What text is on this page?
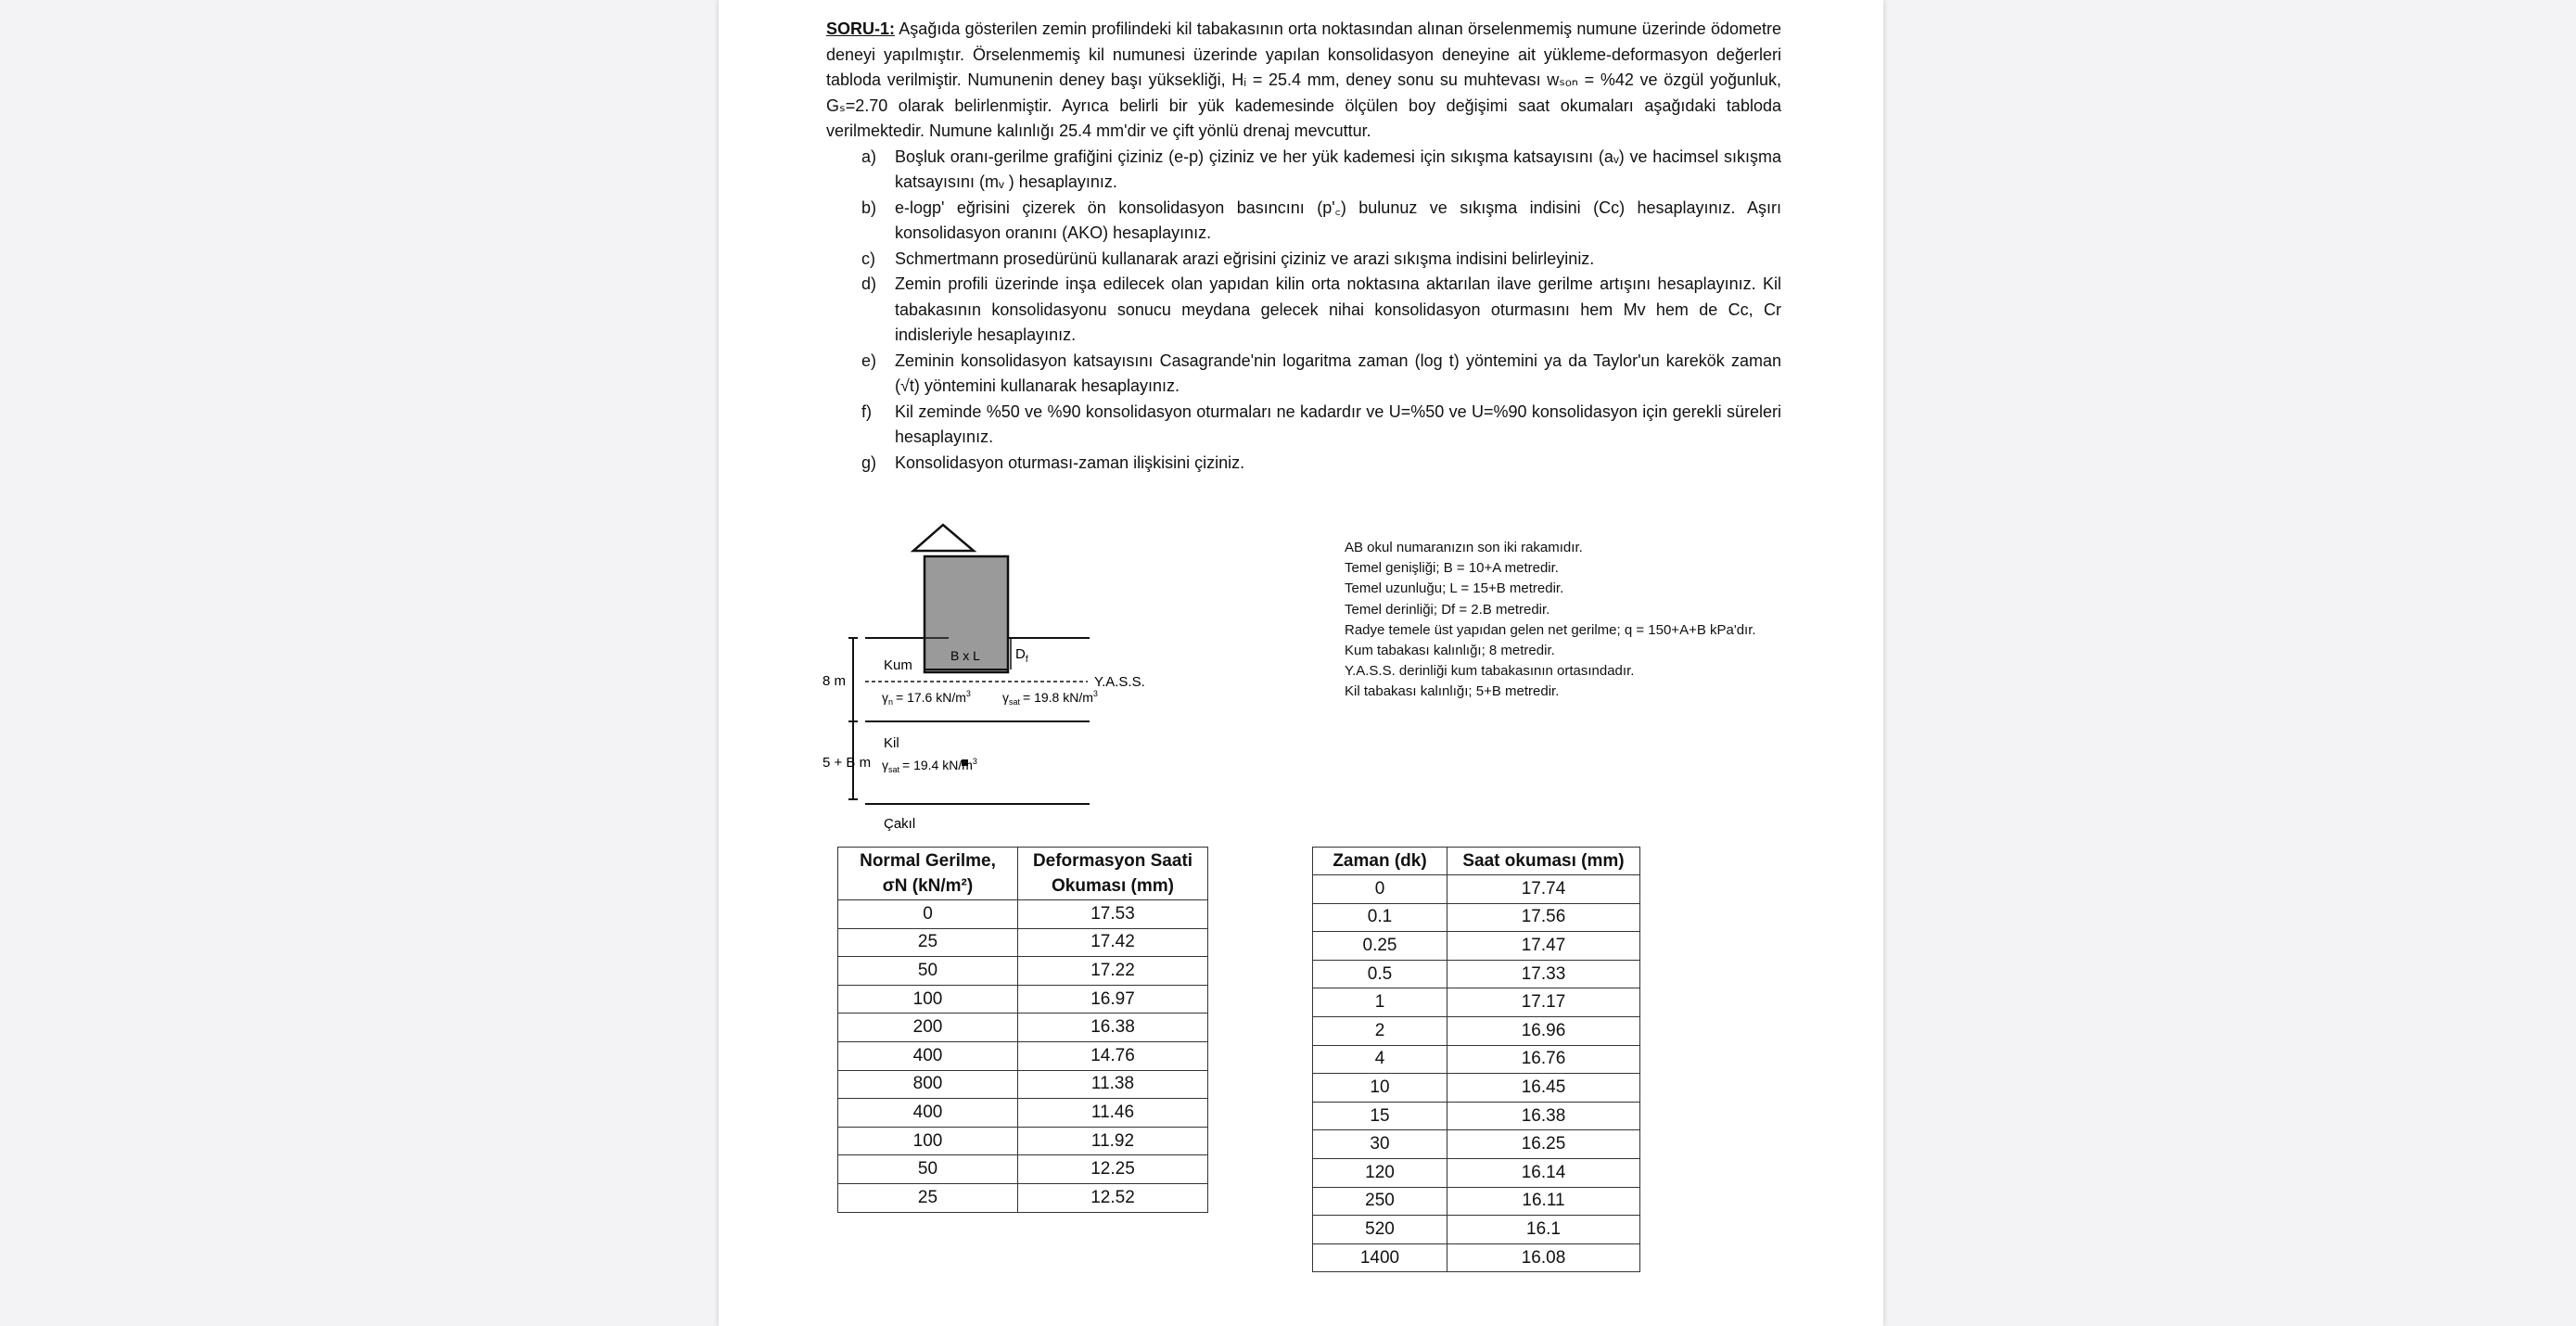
SORU-1: Aşağıda gösterilen zemin profilindeki kil tabakasının orta noktasından alınan örselenmemiş numune üzerinde ödometre deneyi yapılmıştır. Örselenmemiş kil numunesi üzerinde yapılan konsolidasyon deneyine ait yükleme-deformasyon değerleri tabloda verilmiştir. Numunenin deney başı yüksekliği, Hᵢ = 25.4 mm, deney sonu su muhtevası wₛₒₙ = %42 ve özgül yoğunluk, Gₛ=2.70 olarak belirlenmiştir. Ayrıca belirli bir yük kademesinde ölçülen boy değişimi saat okumaları aşağıdaki tabloda verilmektedir. Numune kalınlığı 25.4 mm'dir ve çift yönlü drenaj mevcuttur.
a) Boşluk oranı-gerilme grafiğini çiziniz (e-p) çiziniz ve her yük kademesi için sıkışma katsayısını (aᵥ) ve hacimsel sıkışma katsayısını (mᵥ ) hesaplayınız.
b) e-logp' eğrisini çizerek ön konsolidasyon basıncını (p'꜀) bulunuz ve sıkışma indisini (Cc) hesaplayınız. Aşırı konsolidasyon oranını (AKO) hesaplayınız.
c) Schmertmann prosedürünü kullanarak arazi eğrisini çiziniz ve arazi sıkışma indisini belirleyiniz.
d) Zemin profili üzerinde inşa edilecek olan yapıdan kilin orta noktasına aktarılan ilave gerilme artışını hesaplayınız. Kil tabakasının konsolidasyonu sonucu meydana gelecek nihai konsolidasyon oturmasını hem Mv hem de Cc, Cr indisleriyle hesaplayınız.
e) Zeminin konsolidasyon katsayısını Casagrande'nin logaritma zaman (log t) yöntemini ya da Taylor'un karekök zaman (√t) yöntemini kullanarak hesaplayınız.
f) Kil zeminde %50 ve %90 konsolidasyon oturmaları ne kadardır ve U=%50 ve U=%90 konsolidasyon için gerekli süreleri hesaplayınız.
g) Konsolidasyon oturması-zaman ilişkisini çiziniz.
B x L	$D_f$
Kum
Y.A.S.S.
8 m
$\gamma_n = 17.6$ $kN/m^3$ $\gamma_{sat} = 19.8$ $kN/m^3$
Kil
5 + B m $\gamma_{sat} = 19.4$ $kN/m^3$
Çakıl
AB okul numaranızın son iki rakamıdır.
Temel genişliği; B = 10+A metredir.
Temel uzunluğu; L = 15+B metredir.
Temel derinliği; Df = 2.B metredir.
Radye temele üst yapıdan gelen net gerilme; q = 150+A+B kPa'dır.
Kum tabakası kalınlığı; 8 metredir.
Y.A.S.S. derinliği kum tabakasının ortasındadır.
Kil tabakası kalınlığı; 5+B metredir.
Normal Gerilme,
σN (kN/m²)	Deformasyon Saati
Okuması (mm)
0	17.53
25	17.42
50	17.22
100	16.97
200	16.38
400	14.76
800	11.38
400	11.46
100	11.92
50	12.25
25	12.52
Zaman (dk)	Saat okuması (mm)
0	17.74
0.1	17.56
0.25	17.47
0.5	17.33
1	17.17
2	16.96
4	16.76
10	16.45
15	16.38
30	16.25
120	16.14
250	16.11
520	16.1
1400	16.08
